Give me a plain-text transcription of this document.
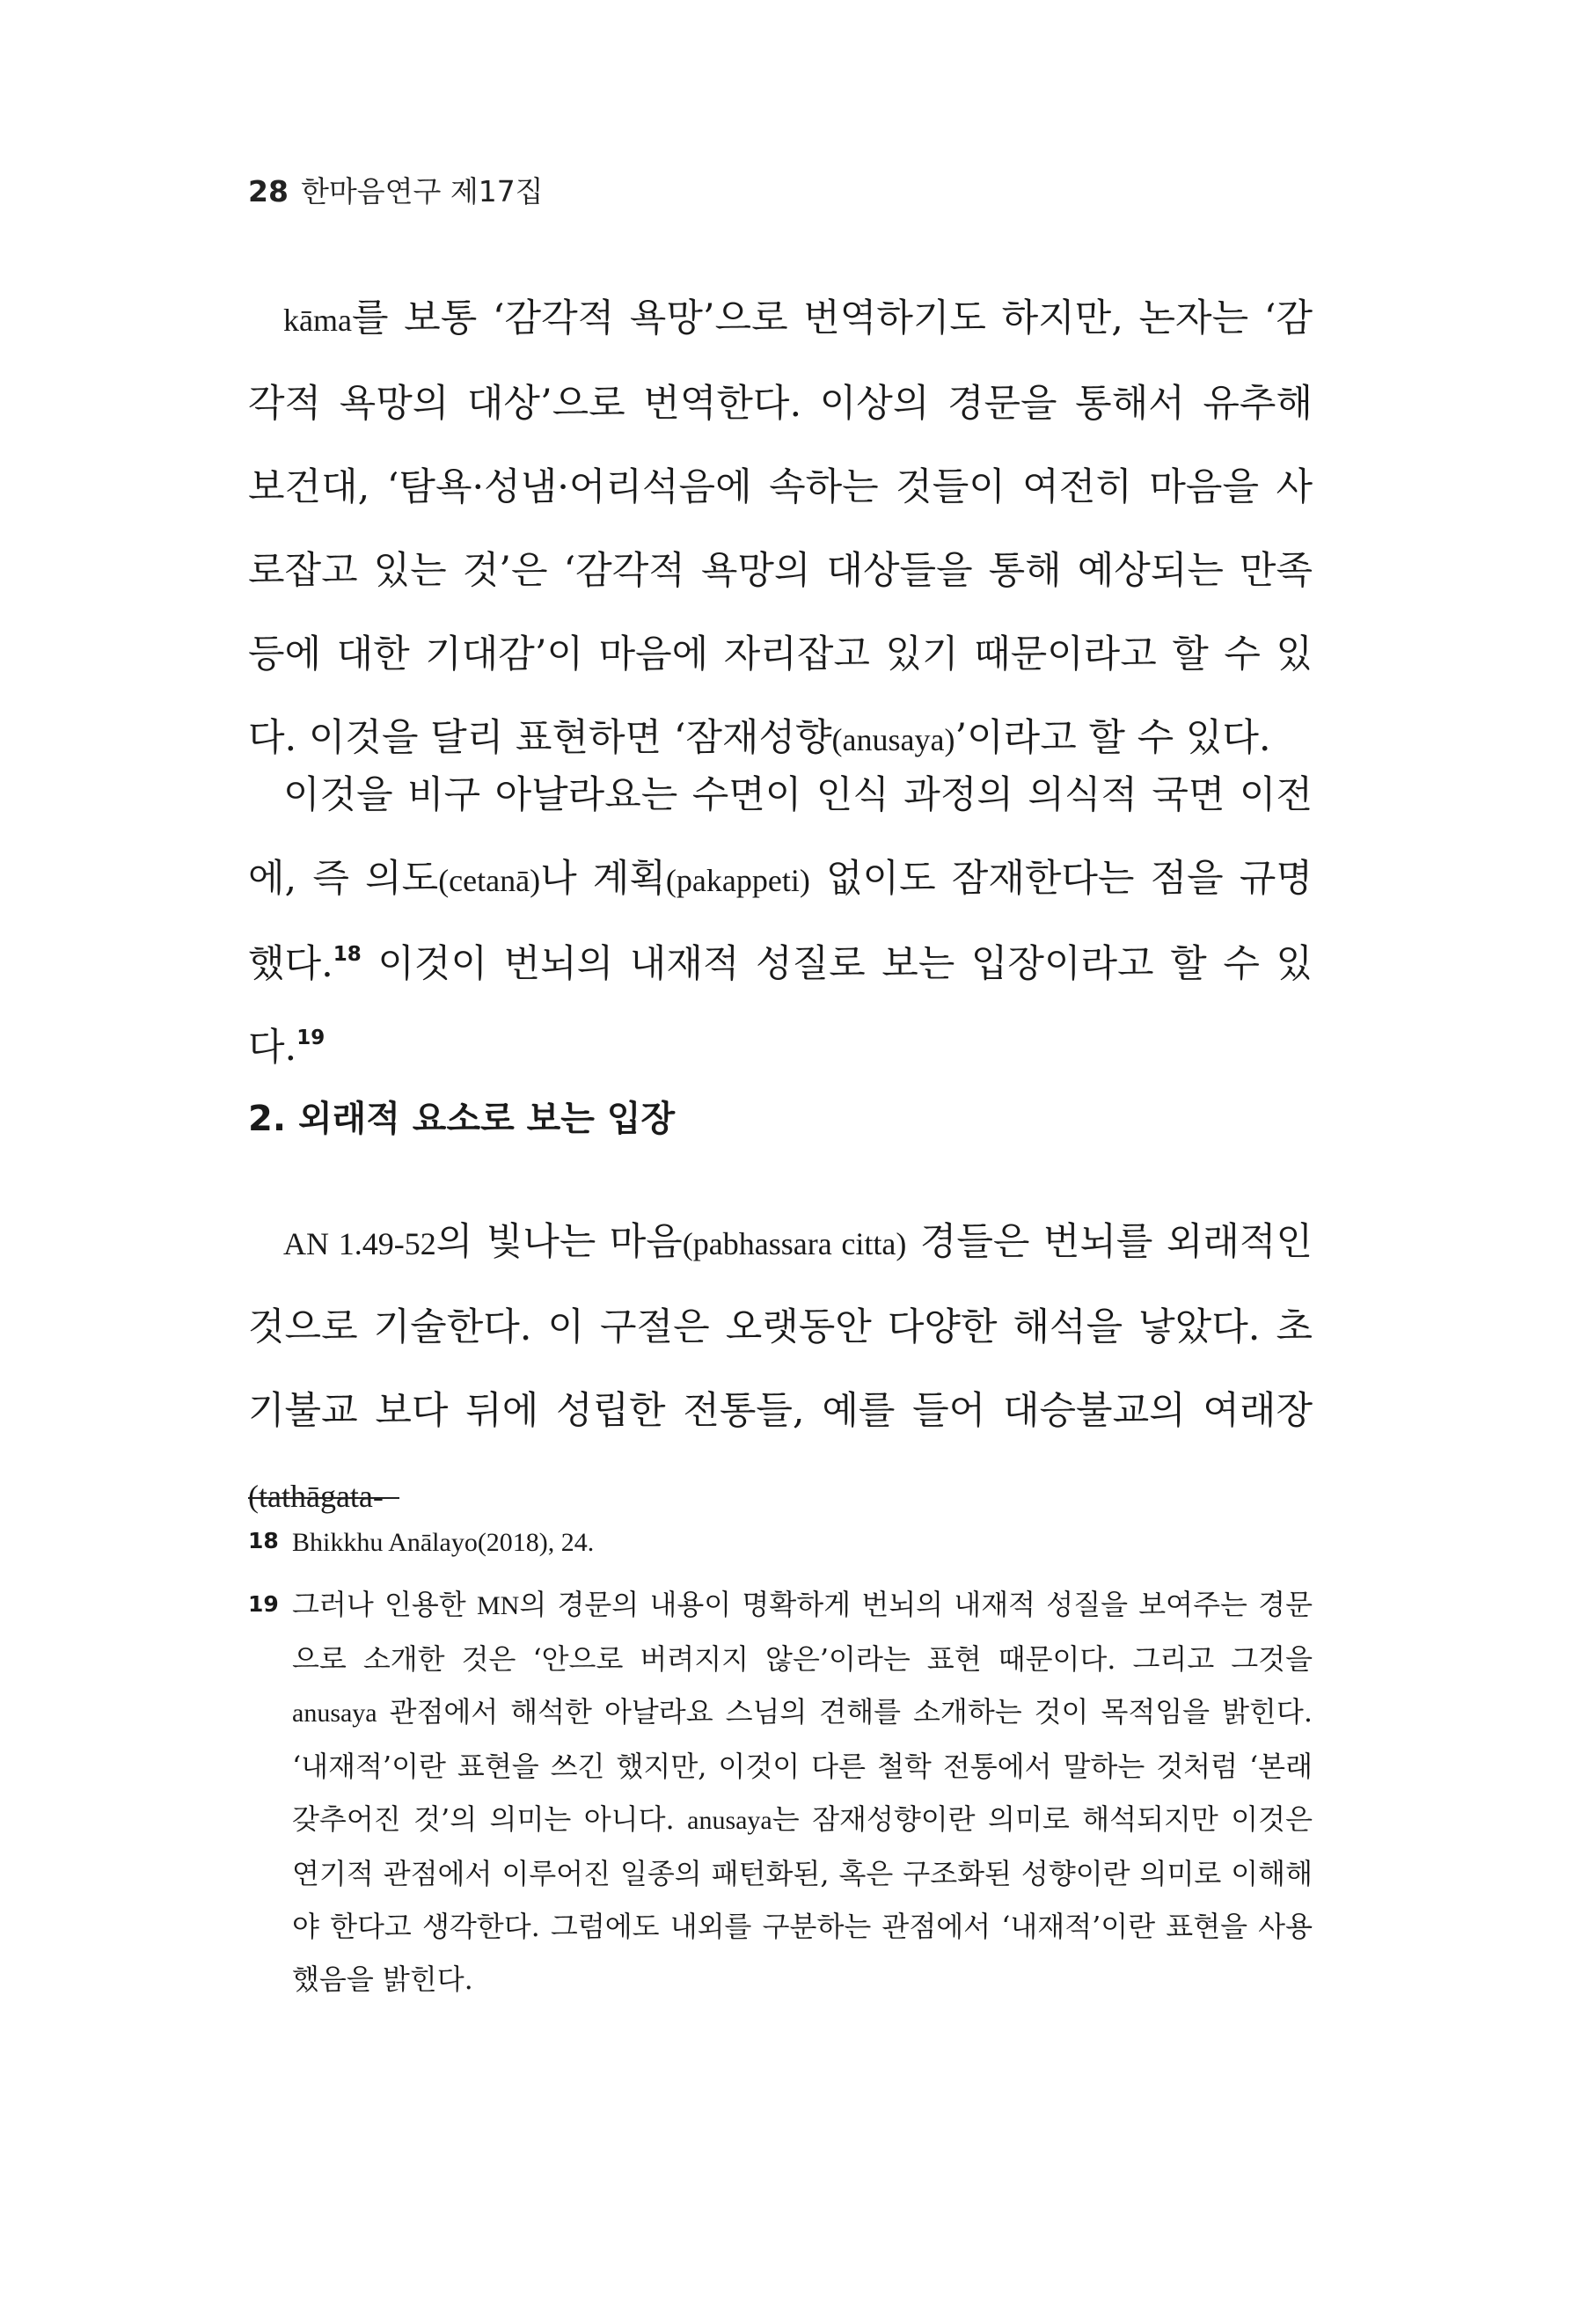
28 한마음연구 제17집

kāma를 보통 ‘감각적 욕망’으로 번역하기도 하지만, 논자는 ‘감각적 욕망의 대상’으로 번역한다. 이상의 경문을 통해서 유추해 보건대, ‘탐욕·성냄·어리석음에 속하는 것들이 여전히 마음을 사로잡고 있는 것’은 ‘감각적 욕망의 대상들을 통해 예상되는 만족 등에 대한 기대감’이 마음에 자리잡고 있기 때문이라고 할 수 있다. 이것을 달리 표현하면 ‘잠재성향(anusaya)’이라고 할 수 있다.

이것을 비구 아날라요는 수면이 인식 과정의 의식적 국면 이전에, 즉 의도(cetanā)나 계획(pakappeti) 없이도 잠재한다는 점을 규명했다.$^{18}$ 이것이 번뇌의 내재적 성질로 보는 입장이라고 할 수 있다.$^{19}$

2. 외래적 요소로 보는 입장

AN 1.49-52의 빛나는 마음(pabhassara citta) 경들은 번뇌를 외래적인 것으로 기술한다. 이 구절은 오랫동안 다양한 해석을 낳았다. 초기불교 보다 뒤에 성립한 전통들, 예를 들어 대승불교의 여래장(tathāgata-

18 Bhikkhu Anālayo(2018), 24.

19 그러나 인용한 MN의 경문의 내용이 명확하게 번뇌의 내재적 성질을 보여주는 경문으로 소개한 것은 ‘안으로 버려지지 않은’이라는 표현 때문이다. 그리고 그것을 anusaya 관점에서 해석한 아날라요 스님의 견해를 소개하는 것이 목적임을 밝힌다. ‘내재적’이란 표현을 쓰긴 했지만, 이것이 다른 철학 전통에서 말하는 것처럼 ‘본래 갖추어진 것’의 의미는 아니다. anusaya는 잠재성향이란 의미로 해석되지만 이것은 연기적 관점에서 이루어진 일종의 패턴화된, 혹은 구조화된 성향이란 의미로 이해해야 한다고 생각한다. 그럼에도 내외를 구분하는 관점에서 ‘내재적’이란 표현을 사용했음을 밝힌다.
